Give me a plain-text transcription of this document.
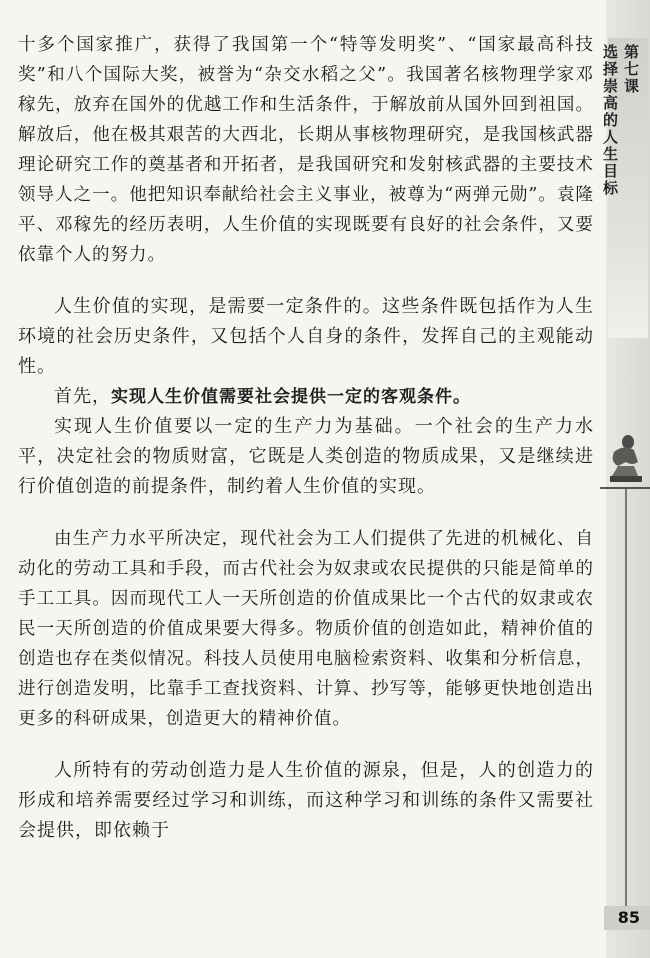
十多个国家推广，获得了我国第一个“特等发明奖”、“国家最高科技奖”和八个国际大奖，被誉为“杂交水稻之父”。我国著名核物理学家邓稼先，放弃在国外的优越工作和生活条件，于解放前从国外回到祖国。解放后，他在极其艰苦的大西北，长期从事核物理研究，是我国核武器理论研究工作的奠基者和开拓者，是我国研究和发射核武器的主要技术领导人之一。他把知识奉献给社会主义事业，被尊为“两弹元勋”。袁隆平、邓稼先的经历表明，人生价值的实现既要有良好的社会条件，又要依靠个人的努力。

人生价值的实现，是需要一定条件的。这些条件既包括作为人生环境的社会历史条件，又包括个人自身的条件，发挥自己的主观能动性。

首先，实现人生价值需要社会提供一定的客观条件。

实现人生价值要以一定的生产力为基础。一个社会的生产力水平，决定社会的物质财富，它既是人类创造的物质成果，又是继续进行价值创造的前提条件，制约着人生价值的实现。

由生产力水平所决定，现代社会为工人们提供了先进的机械化、自动化的劳动工具和手段，而古代社会为奴隶或农民提供的只能是简单的手工工具。因而现代工人一天所创造的价值成果比一个古代的奴隶或农民一天所创造的价值成果要大得多。物质价值的创造如此，精神价值的创造也存在类似情况。科技人员使用电脑检索资料、收集和分析信息，进行创造发明，比靠手工查找资料、计算、抄写等，能够更快地创造出更多的科研成果，创造更大的精神价值。

人所特有的劳动创造力是人生价值的源泉，但是，人的创造力的形成和培养需要经过学习和训练，而这种学习和训练的条件又需要社会提供，即依赖于

第七课
选择崇高的人生目标
85
